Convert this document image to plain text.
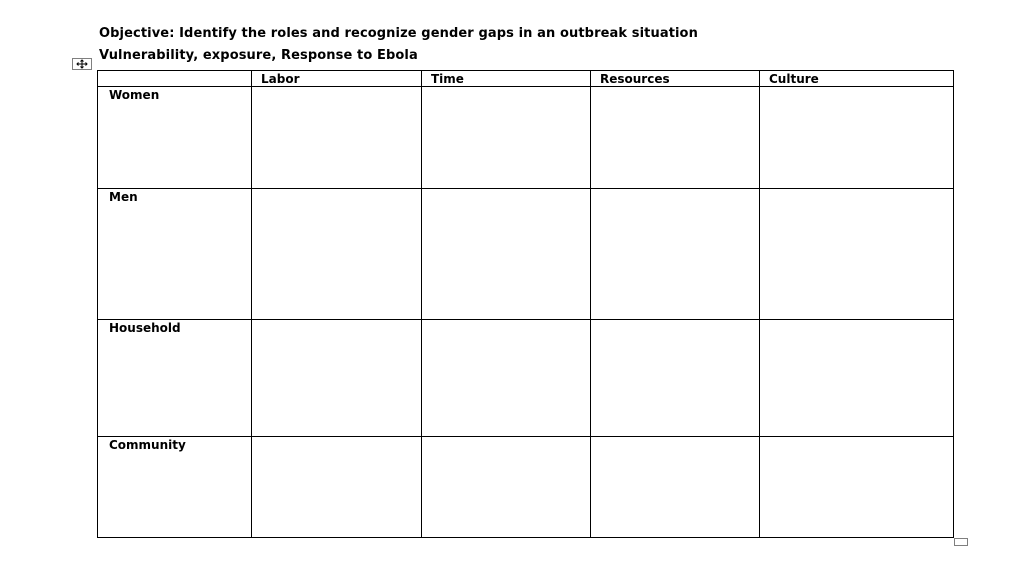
Objective: Identify the roles and recognize gender gaps in an outbreak situation
Vulnerability, exposure, Response to Ebola
	Labor	Time	Resources	Culture
Women				
Men				
Household				
Community				
